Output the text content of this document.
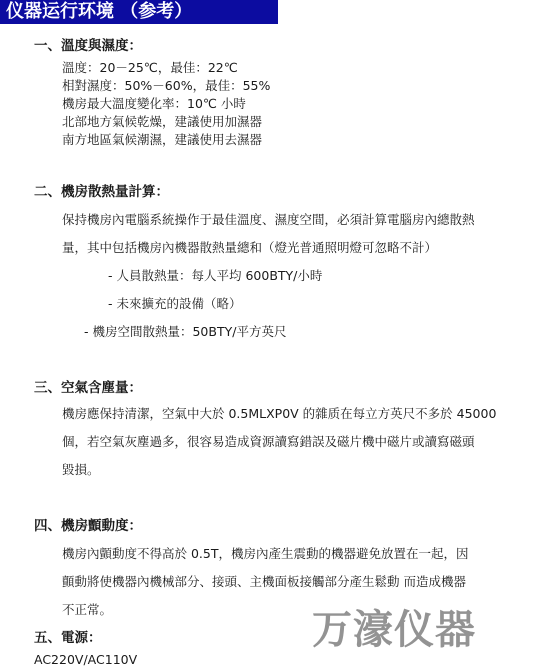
仪器运行环境 （参考）
一、溫度與濕度：
溫度：20－25℃，最佳：22℃
相對濕度：50%－60%，最佳：55%
機房最大溫度變化率：10℃ 小時
北部地方氣候乾燥，建議使用加濕器
南方地區氣候潮濕，建議使用去濕器
二、機房散熱量計算：
保持機房內電腦系統操作于最佳溫度、濕度空間，必須計算電腦房內總散熱
量，其中包括機房內機器散熱量總和（燈光普通照明燈可忽略不計）
- 人員散熱量：每人平均 600BTY/小時
- 未來擴充的設備（略）
- 機房空間散熱量：50BTY/平方英尺
三、空氣含塵量：
機房應保持清潔，空氣中大於 0.5MLXP0V 的雜质在每立方英尺不多於 45000
個，若空氣灰塵過多，很容易造成資源讀寫錯誤及磁片機中磁片或讀寫磁頭
毀損。
四、機房顫動度：
機房內顫動度不得高於 0.5T，機房內產生震動的機器避免放置在一起，因
顫動將使機器內機械部分、接頭、主機面板接觸部分產生鬆動 而造成機器
不正常。
五、電源：
AC220V/AC110V
万濠仪器
